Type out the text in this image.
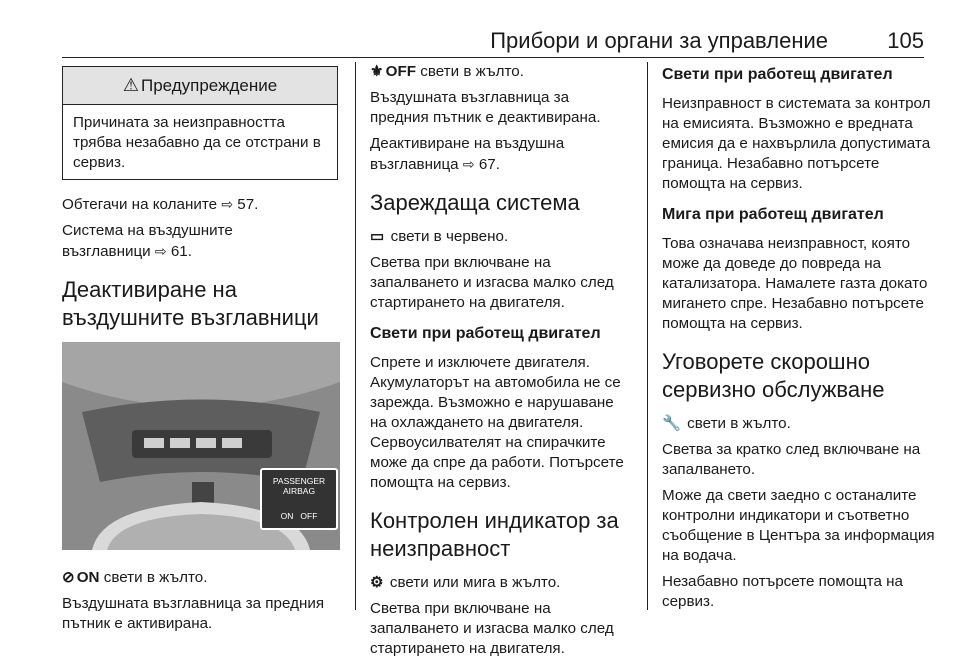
Прибори и органи за управление	105
⚠ Предупреждение
Причината за неизправността трябва незабавно да се отстрани в сервиз.

Обтегачи на коланите ⇨ 57.

Система на въздушните
възглавници ⇨ 61.

Деактивиране на въздушните възглавници
PASSENGER
AIRBAG
ON OFF

⊘ ON свети в жълто.

Въздушната възглавница за предния пътник е активирана.

⚜ OFF свети в жълто.

Въздушната възглавница за предния пътник е деактивирана.

Деактивиране на въздушна
възглавница ⇨ 67.

Зареждаща система

▭ свети в червено.

Светва при включване на запалването и изгасва малко след стартирането на двигателя.

Свети при работещ двигател

Спрете и изключете двигателя. Акумулаторът на автомобила не се зарежда. Възможно е нарушаване на охлаждането на двигателя. Сервоусилвателят на спирачките може да спре да работи. Потърсете помощта на сервиз.

Контролен индикатор за неизправност

⚙ свети или мига в жълто.

Светва при включване на запалването и изгасва малко след стартирането на двигателя.

Свети при работещ двигател

Неизправност в системата за контрол на емисията. Възможно е вредната емисия да е нахвърлила допустимата граница. Незабавно потърсете помощта на сервиз.

Мига при работещ двигател

Това означава неизправност, която може да доведе до повреда на катализатора. Намалете газта докато мигането спре. Незабавно потърсете помощта на сервиз.

Уговорете скорошно сервизно обслужване

🔧 свети в жълто.

Светва за кратко след включване на запалването.

Може да свети заедно с останалите контролни индикатори и съответно съобщение в Центъра за информация на водача.

Незабавно потърсете помощта на сервиз.
